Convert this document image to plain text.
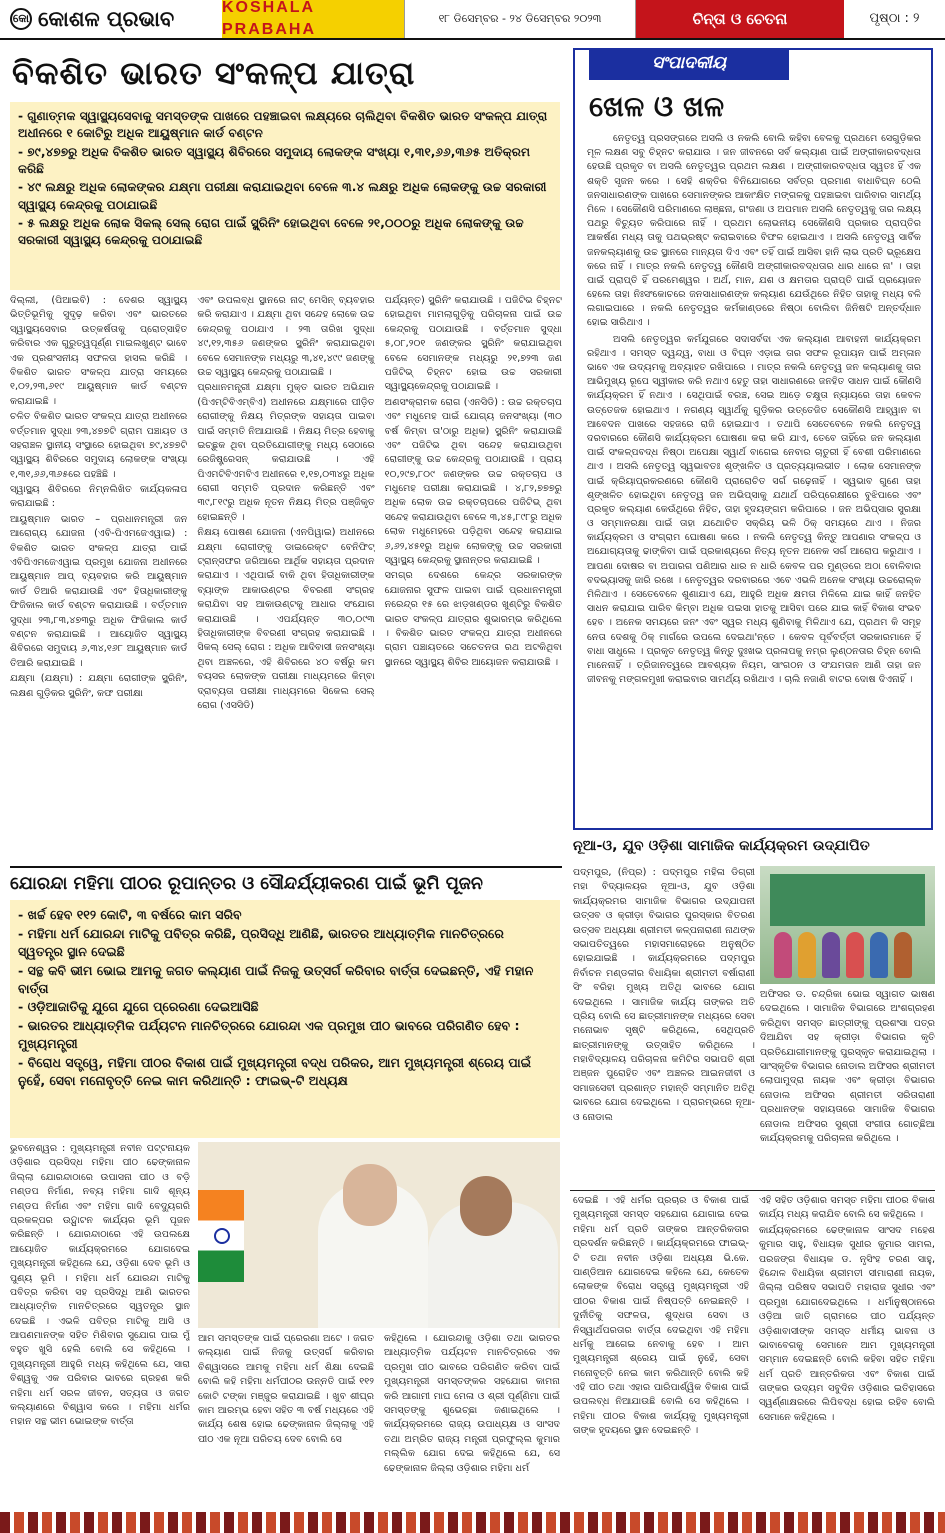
କୋ କୋଶଳ ପ୍ରଭାବ	KOSHALA PRABAHA
୧୮ ଡିସେମ୍ବର - ୨୪ ଡିସେମ୍ବର ୨୦୨୩	ଚିନ୍ତା ଓ ଚେତନା	ପୃଷ୍ଠା : ୨
ବିକଶିତ ଭାରତ ସଂକଳ୍ପ ଯାତ୍ରା
- ଗୁଣାତ୍ମକ ସ୍ୱାସ୍ଥ୍ୟସେବାକୁ ସମସ୍ତଙ୍କ ପାଖରେ ପହଞ୍ଚାଇବା ଲକ୍ଷ୍ୟରେ ଚାଲିଥିବା ବିକଶିତ ଭାରତ ସଂକଳ୍ପ ଯାତ୍ରା ଅଧୀନରେ ୧ କୋଟିରୁ ଅଧିକ ଆୟୁଷ୍ମାନ କାର୍ଡ ବଣ୍ଟନ
- ୭୯,୪୭୭ରୁ ଅଧିକ ବିକଶିତ ଭାରତ ସ୍ୱାସ୍ଥ୍ୟ ଶିବିରରେ ସମୁଦାୟ ଲୋକଙ୍କ ସଂଖ୍ୟା ୧,୩୧,୬୬,୩୬୫ ଅତିକ୍ରମ କରିଛି
- ୪୯ ଲକ୍ଷରୁ ଅଧିକ ଲୋକଙ୍କର ଯକ୍ଷ୍ମା ପରୀକ୍ଷା କରାଯାଇଥିବା ବେଳେ ୩.୪ ଲକ୍ଷରୁ ଅଧିକ ଲୋକଙ୍କୁ ଉଚ୍ଚ ସରକାରୀ ସ୍ୱାସ୍ଥ୍ୟ କେନ୍ଦ୍ରକୁ ପଠାଯାଇଛି
- ୫ ଲକ୍ଷରୁ ଅଧିକ ଲୋକ ସିକଲ୍ ସେଲ୍ ରୋଗ ପାଇଁ ସ୍କ୍ରିନିଂ ହୋଇଥିବା ବେଳେ ୨୧,୦୦୦ରୁ ଅଧିକ ଲୋକଙ୍କୁ ଉଚ୍ଚ ସରକାରୀ ସ୍ୱାସ୍ଥ୍ୟ କେନ୍ଦ୍ରକୁ ପଠାଯାଇଛି

ଦିଲ୍ଲୀ, (ପିଆଇବି) : ଦେଶର ସ୍ୱାସ୍ଥ୍ୟ ଭିତ୍ତିଭୂମିକୁ ସୁଦୃଢ଼ କରିବା ଏବଂ ଭାରତରେ ସ୍ୱାସ୍ଥ୍ୟସେବାର ଉତ୍କର୍ଷତାକୁ ପ୍ରୋତ୍ସାହିତ କରିବାର ଏକ ଗୁରୁତ୍ୱପୂର୍ଣ୍ଣ ମାଇଲଖୁଣ୍ଟ ଭାବେ ଏକ ପ୍ରଶଂସନୀୟ ସଫଳତା ହାସଲ କରିଛି । ବିକଶିତ ଭାରତ ସଂକଳ୍ପ ଯାତ୍ରା ସମୟରେ ୧,୦୨,୨୩,୬୧୯ ଆୟୁଷ୍ମାନ କାର୍ଡ ବଣ୍ଟନ କରାଯାଇଛି ।

ଚଳିତ ବିକଶିତ ଭାରତ ସଂକଳ୍ପ ଯାତ୍ରା ଅଧୀନରେ ବର୍ତ୍ତମାନ ସୁଦ୍ଧା ୨୩,୪୭୭ଟି ଗ୍ରାମ ପଞ୍ଚାୟତ ଓ ସହରାଞ୍ଚଳ ସ୍ଥାନୀୟ ସଂସ୍ଥାରେ ହୋଇଥିବା ୭୯,୪୭୭ଟି ସ୍ୱାସ୍ଥ୍ୟ ଶିବିରରେ ସମୁଦାୟ ଲୋକଙ୍କ ସଂଖ୍ୟା ୧,୩୧,୬୬,୩୬୫ରେ ପହଞ୍ଚିଛି ।

ସ୍ୱାସ୍ଥ୍ୟ ଶିବିରରେ ନିମ୍ନଲିଖିତ କାର୍ଯ୍ୟକଳାପ କରାଯାଇଛି :

ଆୟୁଷ୍ମାନ ଭାରତ – ପ୍ରଧାନମନ୍ତ୍ରୀ ଜନ ଆରୋଗ୍ୟ ଯୋଜନା (ଏବି-ପିଏମଜେଏୱାଇ) : ବିକଶିତ ଭାରତ ସଂକଳ୍ପ ଯାତ୍ରା ପାଇଁ ଏବିପିଏମଜେଏୱାଇ ପ୍ରମୁଖ ଯୋଜନା ଅଧୀନରେ ଆୟୁଷ୍ମାନ ଆପ୍ ବ୍ୟବହାର କରି ଆୟୁଷ୍ମାନ କାର୍ଡ ତିଆରି କରାଯାଉଛି ଏବଂ ହିତାଧିକାରୀଙ୍କୁ ଫିଜିକାଲ କାର୍ଡ ବଣ୍ଟନ କରାଯାଉଛି । ବର୍ତ୍ତମାନ ସୁଦ୍ଧା ୨୩,୮୩,୪୭୩ରୁ ଅଧିକ ଫିଜିକାଲ କାର୍ଡ ବଣ୍ଟନ କରାଯାଇଛି । ଆୟୋଜିତ ସ୍ୱାସ୍ଥ୍ୟ ଶିବିରରେ ସମୁଦାୟ ୬,୩୪,୧୬୮ ଆୟୁଷ୍ମାନ କାର୍ଡ ତିଆରି କରାଯାଇଛି ।

ଯକ୍ଷ୍ମା (ଯକ୍ଷ୍ମା) : ଯକ୍ଷ୍ମା ରୋଗୀଙ୍କ ସ୍କ୍ରିନିଂ, ଲକ୍ଷଣ ଗୁଡ଼ିକର ସ୍କ୍ରିନିଂ, କଫ ପରୀକ୍ଷା

ଏବଂ ଉପଲବ୍ଧ ସ୍ଥାନରେ ନାଟ୍ ମେସିନ୍ ବ୍ୟବହାର କରି କରାଯାଏ । ଯକ୍ଷ୍ମା ଥିବା ସନ୍ଦେହ ଲୋକେ ଉଚ୍ଚ କେନ୍ଦ୍ରକୁ ପଠାଯାଏ । ୨୩ ତାରିଖ ସୁଦ୍ଧା ୪୯,୧୨,୩୫୬ ଜଣଙ୍କର ସ୍କ୍ରିନିଂ କରାଯାଇଥିବା ବେଳେ ସେମାନଙ୍କ ମଧ୍ୟରୁ ୩,୪୧,୪୯୯ ଜଣଙ୍କୁ ଉଚ୍ଚ ସ୍ୱାସ୍ଥ୍ୟ କେନ୍ଦ୍ରକୁ ପଠାଯାଇଛି ।

ପ୍ରଧାନମନ୍ତ୍ରୀ ଯକ୍ଷ୍ମା ମୁକ୍ତ ଭାରତ ଅଭିଯାନ (ପିଏମ୍ଟିବିଏମ୍ବିଏ) ଅଧୀନରେ ଯକ୍ଷ୍ମାରେ ପୀଡ଼ିତ ରୋଗୀଙ୍କୁ ନିକ୍ଷୟ ମିତ୍ରଙ୍କ ସହାୟତା ପାଇବା ପାଇଁ ସମ୍ମତି ନିଆଯାଉଛି । ନିକ୍ଷୟ ମିତ୍ର ହେବାକୁ ଇଚ୍ଛୁକ ଥିବା ପ୍ରତିଯୋଗୀଙ୍କୁ ମଧ୍ୟ ସେଠାରେ ରେଜିଷ୍ଟ୍ରେସନ୍ କରାଯାଉଛି । ଏହି ପିଏମଟିବିଏମବିଏ ଅଧୀନରେ ୧,୧୭,୦୩୪ରୁ ଅଧିକ ରୋଗୀ ସମ୍ମତି ପ୍ରଦାନ କରିଛନ୍ତି ଏବଂ ୩୯,୮୧୯ରୁ ଅଧିକ ନୂତନ ନିକ୍ଷୟ ମିତ୍ର ପଞ୍ଜିକୃତ ହୋଇଛନ୍ତି ।

ନିକ୍ଷୟ ପୋଷଣ ଯୋଜନା (ଏନପିୱାଇ) ଅଧୀନରେ ଯକ୍ଷ୍ମା ରୋଗୀଙ୍କୁ ଡାଇରେକ୍ଟ ବେନିଫିଟ୍ ଟ୍ରାନ୍ସଫର ଜରିଆରେ ଆର୍ଥିକ ସହାୟତା ପ୍ରଦାନ କରାଯାଏ । ଏଥିପାଇଁ ବାକି ଥିବା ହିତାଧିକାରୀଙ୍କ ବ୍ୟାଙ୍କ ଆକାଉଣ୍ଟର ବିବରଣୀ ସଂଗ୍ରହ କରାଯିବା ସହ ଆକାଉଣ୍ଟକୁ ଆଧାର ସଂଯୋଗ କରାଯାଉଛି । ଏପର୍ଯ୍ୟନ୍ତ ୩୦,୦୯୩ ହିତାଧିକାରୀଙ୍କ ବିବରଣୀ ସଂଗ୍ରହ କରାଯାଇଛି । ସିକଲ୍ ସେଲ୍ ରୋଗ : ଅଧିକ ଆଦିବାସୀ ଜନସଂଖ୍ୟା ଥିବା ଅଞ୍ଚଳରେ, ଏହି ଶିବିରରେ ୪୦ ବର୍ଷରୁ କମ ବୟସର ଲୋକଙ୍କ ପରୀକ୍ଷା ମାଧ୍ୟମରେ କିମ୍ବା ଦ୍ରାବ୍ୟତା ପରୀକ୍ଷା ମାଧ୍ୟମରେ ସିକେଲ ସେଲ୍ ରୋଗ (ଏସସିଡି)

ପର୍ଯ୍ୟନ୍ତ) ସ୍କ୍ରିନିଂ କରାଯାଉଛି । ପଜିଟିଭ ଚିହ୍ନଟ ହୋଇଥିବା ମାମଲାଗୁଡ଼ିକୁ ପରିଚାଳନା ପାଇଁ ଉଚ୍ଚ କେନ୍ଦ୍ରକୁ ପଠାଯାଉଛି । ବର୍ତ୍ତମାନ ସୁଦ୍ଧା ୫,୦୮,୨୦୧ ଜଣଙ୍କର ସ୍କ୍ରିନିଂ କରାଯାଇଥିବା ବେଳେ ସେମାନଙ୍କ ମଧ୍ୟରୁ ୨୧,୭୨୩ ଜଣ ପଜିଟିଭ୍ ଚିହ୍ନଟ ହୋଇ ଉଚ୍ଚ ସରକାରୀ ସ୍ୱାସ୍ଥ୍ୟକେନ୍ଦ୍ରକୁ ପଠାଯାଇଛି ।

ଅଣସଂକ୍ରାମକ ରୋଗ (ଏନସିଡି) : ଉଚ୍ଚ ରକ୍ତଚାପ ଏବଂ ମଧୁମେହ ପାଇଁ ଯୋଗ୍ୟ ଜନସଂଖ୍ୟା (୩୦ ବର୍ଷ କିମ୍ବା ତା'ଠାରୁ ଅଧିକ) ସ୍କ୍ରିନିଂ କରାଯାଉଛି ଏବଂ ପଜିଟିଭ ଥିବା ସନ୍ଦେହ କରାଯାଉଥିବା ରୋଗୀଙ୍କୁ ଉଚ୍ଚ କେନ୍ଦ୍ରକୁ ପଠାଯାଉଛି । ପ୍ରାୟ ୧୦,୨୯୭,୮୦୯ ଜଣଙ୍କର ଉଚ୍ଚ ରକ୍ତଚାପ ଓ ମଧୁମେହ ପରୀକ୍ଷା କରାଯାଇଛି । ୪,୮୨,୭୭୭ରୁ ଅଧିକ ଲୋକ ଉଚ୍ଚ ରକ୍ତଚାପରେ ପଜିଟିଭ୍ ଥିବା ସନ୍ଦେହ କରାଯାଉଥିବା ବେଳେ ୩,୪୫,୮୯୮ରୁ ଅଧିକ ଲୋକ ମଧୁମେହରେ ପଡ଼ିଥିବା ସନ୍ଦେହ କରାଯାଇ ୬,୬୨,୪୫୧ରୁ ଅଧିକ ଲୋକଙ୍କୁ ଉଚ୍ଚ ସରକାରୀ ସ୍ୱାସ୍ଥ୍ୟ କେନ୍ଦ୍ରକୁ ସ୍ଥାନାନ୍ତର କରାଯାଇଛି ।

ସମଗ୍ର ଦେଶରେ କେନ୍ଦ୍ର ସରକାରଙ୍କ ଯୋଜନାର ସୁଫଳ ପାଇବା ପାଇଁ ପ୍ରଧାନମନ୍ତ୍ରୀ ନରେନ୍ଦ୍ର ୧୫ ରେ ଝାଡ଼ଖଣ୍ଡର ଖୁଣ୍ଟିରୁ ବିକଶିତ ଭାରତ ସଂକଳ୍ପ ଯାତ୍ରାର ଶୁଭାରମ୍ଭ କରିଥିଲେ । ବିକଶିତ ଭାରତ ସଂକଳ୍ପ ଯାତ୍ରା ଅଧୀନରେ ଗ୍ରାମ ପଞ୍ଚାୟତରେ ସଚେତନତା ରଥ ଅଟକିଥିବା ସ୍ଥାନରେ ସ୍ୱାସ୍ଥ୍ୟ ଶିବିର ଆୟୋଜନ କରାଯାଉଛି ।

ସଂପାଦକୀୟ
ଖେଳ ଓ ଖଳ

ନେତୃତ୍ୱ ପ୍ରସଙ୍ଗରେ ଅସଲି ଓ ନକଲି ବୋଲି କହିବା ବେଳକୁ ପ୍ରଥମେ ସେଗୁଡ଼ିକର ମୂଳ ଲକ୍ଷଣ ସବୁ ଚିହ୍ନଟ କରାଯାଉ । ଜନ ଜୀବନରେ ସର୍ବ କଲ୍ୟାଣ ପାଇଁ ଅଙ୍ଗୀକାରବଦ୍ଧତା ହେଉଛି ପ୍ରକୃତ ବା ଅସଲି ନେତୃତ୍ୱର ପ୍ରଥମ ଲକ୍ଷଣ । ଅଙ୍ଗୀକାରବଦ୍ଧତା ସ୍ୱତଃ ହିଁ ଏକ ଶକ୍ତି ସୃଜନ କରେ । ସେହି ଶକ୍ତିର ବିନିଯୋଗରେ ସର୍ବତ୍ର ପ୍ରମାଣ ବାଧାବିଘ୍ନ ଠେଲି ଜନସାଧାରଣଙ୍କ ପାଖରେ ସେମାନଙ୍କର ଆକାଂକ୍ଷିତ ମଙ୍ଗଳକୁ ପହଞ୍ଚାଇବା ପାରିବାର ସାମର୍ଥ୍ୟ ମିଳେ । ସେକୌଣସି ପରିମାଣରେ ଲାଞ୍ଛନା, ଗଂଜଣା ଓ ଅପମାନ ଅସଲି ନେତୃତ୍ୱକୁ ତାର ଲକ୍ଷ୍ୟ ପଥରୁ ବିଚ୍ୟୁତ କରିପାରେ ନାହିଁ । ପ୍ରଥମ ଲୋଭନୀୟ ସେକୌଣସି ପ୍ରକାର ପ୍ରାପ୍ତିର ଆକର୍ଷଣ ମଧ୍ୟ ତାକୁ ପଥଭ୍ରଷ୍ଟ କରାଇବାରେ ବିଫଳ ହୋଇଥାଏ । ଅସଲି ନେତୃତ୍ୱ ସାର୍ବିକ ଜନକଲ୍ୟାଣକୁ ଉଚ୍ଚ ସ୍ଥାନରେ ମାନ୍ୟତା ଦିଏ ଏବଂ ତହିଁ ପାଇଁ ଆସିବା ହାନି ଲାଭ ପ୍ରତି ଭ୍ରୂକ୍ଷେପ କରେ ନାହିଁ । ମାତ୍ର ନକଲି ନେତୃତ୍ୱ କୌଣସି ଅଙ୍ଗୀକାରବଦ୍ଧତାର ଧାର ଧାରେ ନା' । ତାହା ପାଇଁ ପ୍ରାପ୍ତି ହିଁ ପରମେଶ୍ୱର । ଅର୍ଥ, ମାନ, ଯଶ ଓ କ୍ଷମତାର ପ୍ରାପ୍ତି ପାଇଁ ପ୍ରୟୋଜନ ହେଲେ ତାହା ନିଃସଂକୋଚରେ ଜନସାଧାରଣଙ୍କ କଲ୍ୟାଣ ଯେଉଁଥିରେ ନିହିତ ତାହାକୁ ମଧ୍ୟ ବଳି ଲଗାଇପାରେ । ନକଲି ନେତୃତ୍ୱର କର୍ମକାଣ୍ଡରେ ନିଷ୍ଠା ବୋଲିବା ଜିନିଷଟି ଅନ୍ତର୍ଦ୍ଧାନ ହୋଇ ସାରିଥାଏ ।

ଅସଲି ନେତୃତ୍ୱର କର୍ମଯୁଗରେ ସଦାସର୍ବଦା ଏକ କଲ୍ୟାଣ ଆବାହନୀ କାର୍ଯ୍ୟକ୍ରମ ରହିଥାଏ । ସମସ୍ତ ଦ୍ୱନ୍ଦ୍ୱ, ବାଧା ଓ ବିଘ୍ନ ଏଡ଼ାଇ ତାର ସଫଳ ରୂପାୟନ ପାଇଁ ଅମ୍ଳାନ ଭାବେ ଏକ ଉଦ୍ୟମକୁ ଅବ୍ୟାହତ ରଖିପାରେ । ମାତ୍ର ନକଲି ନେତୃତ୍ୱ ଜନ କଲ୍ୟାଣକୁ ତାର ଆଭିମୁଖ୍ୟ ରୂପେ ସ୍ୱୀକାର କରି ନଥାଏ ହେତୁ ତାହା ସାଧାରଣରେ ଜନହିତ ସାଧନ ପାଇଁ କୌଣସି କାର୍ଯ୍ୟକ୍ରମ ହିଁ ନଥାଏ । ସେଥିପାଇଁ ବରଞ୍ଚ, ସେଇ ଆଡ଼େ ଚକ୍ଷୁତା ନ୍ୟାୟରେ ତାହା କେବଳ ଉତ୍ତେଜକ ହୋଇଥାଏ । ନଗଣ୍ୟ ସ୍ୱାର୍ଥକୁ ଗୁଡ଼ିକର ଉତ୍ତେଜିତ ସେକୌଣସି ଆହ୍ୱାନ ବା ଆବେଦନ ପାଖରେ ସହଜରେ ରାଜି ହୋଇଯାଏ । ତଥାପି ସେତେବେଳେ ନକଲି ନେତୃତ୍ୱ ଦରବାରରେ କୌଣସି କାର୍ଯ୍ୟକ୍ରମ ଘୋଷଣା କରା କରି ଯାଏ, ତେବେ ତାହିଁରେ ଜନ କଲ୍ୟାଣ ପାଇଁ ସଂକଳ୍ପବଦ୍ଧ ନିଷ୍ଠା ଅପେକ୍ଷା ସ୍ୱାର୍ଥ ବାଗେଇ ନେବାର ଚାତୁରୀ ହିଁ ବେଶୀ ପରିମାଣରେ ଥାଏ । ଅସଲି ନେତୃତ୍ୱ ସ୍ୱଭାବତଃ ଶୃଙ୍ଖଳିତ ଓ ପ୍ରତ୍ୟୟାଲଭୀତ । ଲୋକ ସେମାନଙ୍କ ପାଇଁ କ୍ରିୟାପ୍ରକରଣରେ କୌଣସି ପ୍ରାରୋଚିତ ସର୍ଗ ଗଢ଼େନାହିଁ । ସ୍ୱଭାବ ଗୁଣେ ତାହା ଶୃଙ୍ଖଳିତ ହୋଇଥିବା ନେତୃତ୍ୱ ଜନ ଅଭିପ୍ସାକୁ ଯଥାର୍ଥ ପରିପ୍ରେକ୍ଷୀରେ ବୁଝିପାରେ ଏବଂ ପ୍ରକୃତ କଲ୍ୟାଣ କେଉଁଥିରେ ନିହିତ, ତାହା ହୃଦୟଙ୍ଗମ କରିପାରେ । ଜନ ଅଭିପ୍ସାର ସୁରକ୍ଷା ଓ ସମ୍ମାନରକ୍ଷା ପାଇଁ ତାହା ଯଥୋଚିତ ସକ୍ରିୟ ଭଳି ଠିକ୍ ସମୟରେ ଥାଏ । ନିଜର କାର୍ଯ୍ୟକ୍ରମ ଓ ସଂଗ୍ରାମ ଘୋଷଣା କରେ । ନକଲି ନେତୃତ୍ୱ କିନ୍ତୁ ଆପଣାର ସଂକଳ୍ପ ଓ ଅଯୋଗ୍ୟତାକୁ ଢାଙ୍କିବା ପାଇଁ ପ୍ରକାଶ୍ୟରେ ନିତ୍ୟ ନୂତନ ଅନେକ ସର୍ଗ ଆରୋପ କରୁଥାଏ । ଆପଣା ଦୋଷର ବା ଅପାରଗ ପଣିଆର ଧାର ନ ଧାରି କେବଳ ପର ମୁଣ୍ଡରେ ଅଠା ବୋଳିବାର ବଦଭ୍ୟାସକୁ ଜାରି ରଖେ । ନେତୃତ୍ୱର ଦରବାରରେ ଏବେ ଏଭଳି ଅନେକ ସଂଖ୍ୟା ଉଚ୍ଚରୋଲ୍କ ମିଳିଥାଏ । ସେତେବେଳେ ଶୁଣାଯାଏ ଯେ, ଆହୁରି ଅଧିକ କ୍ଷମତା ମିଳିଲେ ଯାଇ କାହିଁ ଜନହିତ ସାଧନ କରାଯାଇ ପାରିବ କିମ୍ବା ଅଧିକ ପଇସା ହାତକୁ ଆସିବା ପରେ ଯାଇ କାହିଁ ବିକାଶ ସଂଭବ ହେବ । ଅନେକ ସମୟରେ ଜନଂ ଏବଂ ସ୍ୱର ମଧ୍ୟ ଶୁଣିବାକୁ ମିଳିଥାଏ ଯେ, ପ୍ରଥମ କି ସମୂହ ନେତା ଦେଶକୁ ଠିକ୍ ମାର୍ଗରେ ଉପଲେ ଦେଇଥା'ନ୍ତେ । କେବଳ ପୂର୍ବବର୍ତ୍ତୀ ସରକାରମାନେ ହିଁ ବାଧା ସାଧୁଲେ । ପ୍ରକୃତ ନେତୃତ୍ୱ କିନ୍ତୁ ଦୁଃଖଭ ପ୍ରଳାପକୁ ନମ୍ର ଲୁଣ୍ଠନତାର ଚିହ୍ନ ବୋଲି ମାନେନାହିଁ । ତ୍ରିଜାନତ୍ୱରେ ଆବଶ୍ୟକ ନିୟମ, ସାଂଗଠନ ଓ ସଂଯମତାନ ଆଣି ତାହା ଜନ ଜୀବନକୁ ମଙ୍ଗଳମୁଖୀ କରାଇବାର ସାମର୍ଥ୍ୟ ରଖିଥାଏ । ଚାଲି ନଜାଣି ବାଟର ଦୋଷ ଦିଏନାହିଁ ।

ଯୋରନ୍ଦା ମହିମା ପୀଠର ରୂପାନ୍ତର ଓ ସୌନ୍ଦର୍ଯ୍ୟୀକରଣ ପାଇଁ ଭୂମି ପୂଜନ
- ଖର୍ଚ୍ଚ ହେବ ୧୧୨ କୋଟି, ୩ ବର୍ଷରେ କାମ ସରିବ
- ମହିମା ଧର୍ମ ଯୋରନ୍ଦା ମାଟିକୁ ପବିତ୍ର କରିଛି, ପ୍ରସିଦ୍ଧି ଆଣିଛି, ଭାରତର ଆଧ୍ୟାତ୍ମିକ ମାନଚିତ୍ରରେ ସ୍ୱତନ୍ତ୍ର ସ୍ଥାନ ଦେଇଛି
- ସନ୍ଥ କବି ଭୀମ ଭୋଇ ଆମକୁ ଜଗତ କଲ୍ୟାଣ ପାଇଁ ନିଜକୁ ଉତ୍ସର୍ଗ କରିବାର ବାର୍ତ୍ତା ଦେଇଛନ୍ତି, ଏହି ମହାନ ବାର୍ତ୍ତା
- ଓଡ଼ିଆଜାତିକୁ ଯୁଗେ ଯୁଗେ ପ୍ରେରଣା ଦେଇଆସିଛି
- ଭାରତର ଆଧ୍ୟାତ୍ମିକ ପର୍ଯ୍ୟଟନ ମାନଚିତ୍ରରେ ଯୋରନ୍ଦା ଏକ ପ୍ରମୁଖ ପୀଠ ଭାବରେ ପରିଗଣିତ ହେବ : ମୁଖ୍ୟମନ୍ତ୍ରୀ
- ବିରୋଧ ସତ୍ତ୍ୱେ, ମହିମା ପୀଠର ବିକାଶ ପାଇଁ ମୁଖ୍ୟମନ୍ତ୍ରୀ ବଦ୍ଧ ପରିକର, ଆମ ମୁଖ୍ୟମନ୍ତ୍ରୀ ଶ୍ରେୟ ପାଇଁ ନୁହେଁ, ସେବା ମନୋବୃତ୍ତି ନେଇ କାମ କରିଥାନ୍ତି : ଫାଇଭ୍-ଟି ଅଧ୍ୟକ୍ଷ

ଭୁବନେଶ୍ୱର : ମୁଖ୍ୟମନ୍ତ୍ରୀ ନବୀନ ପଟ୍ଟନାୟକ ଓଡ଼ିଶାର ପ୍ରସିଦ୍ଧ ମହିମା ପୀଠ ଢେଙ୍କାନାଳ ଜିଲ୍ଲା ଯୋରନ୍ଦାଠାରେ ଉପାସନା ପୀଠ ଓ ବଡ଼ି ମଣ୍ଡପ ନିର୍ମାଣ, ନବ୍ୟ ମହିମା ଗାଦି ଶୂନ୍ୟ ମଣ୍ଡପ ନିର୍ମାଣ ଏବଂ ମହିମା ଗାଦି ବେଦ୍ୟୁଗରି ପ୍ରକଳ୍ପର ଉଦ୍ଘାଟନ କାର୍ଯ୍ୟର ଭୂମି ପୂଜନ କରିଛନ୍ତି । ଯୋରନ୍ଦାଠାରେ ଏହି ଉପଲକ୍ଷେ ଆୟୋଜିତ କାର୍ଯ୍ୟକ୍ରମରେ ଯୋଗଦେଇ ମୁଖ୍ୟମନ୍ତ୍ରୀ କହିଥିଲେ ଯେ, ଓଡ଼ିଶା ଦେବ ଭୂମି ଓ ପୁଣ୍ୟ ଭୂମି । ମହିମା ଧର୍ମ ଯୋରନ୍ଦା ମାଟିକୁ ପବିତ୍ର କରିବା ସହ ପ୍ରସିଦ୍ଧି ଆଣି ଭାରତର ଆଧ୍ୟାତ୍ମିକ ମାନଚିତ୍ରରେ ସ୍ୱତନ୍ତ୍ର ସ୍ଥାନ ଦେଇଛି । ଏଭଳି ପବିତ୍ର ମାଟିକୁ ଆସି ଓ ଆପଣମାନଙ୍କ ସହିତ ମିଶିବାର ସୁଯୋଗ ପାଇ ମୁଁ ବହୁତ ଖୁସି ହେଲି ବୋଲି ସେ କହିଥିଲେ । ମୁଖ୍ୟମନ୍ତ୍ରୀ ଆହୁରି ମଧ୍ୟ କହିଥିଲେ ଯେ, ସାରା ବିଶ୍ୱକୁ ଏକ ପରିବାର ଭାବରେ ଗ୍ରହଣ କରି ମହିମା ଧର୍ମ ସରଳ ଜୀବନ, ସତ୍ୟତା ଓ ଜଗତ କଲ୍ୟାଣରେ ବିଶ୍ୱାସ କରେ । ମହିମା ଧର୍ମର ମହାନ ସନ୍ଥ ଭୀମ ଭୋଇଙ୍କ ବାର୍ତ୍ତା

ଆମ ସମସ୍ତଙ୍କ ପାଇଁ ପ୍ରେରଣା ଅଟେ । ଜଗତ କଲ୍ୟାଣ ପାଇଁ ନିଜକୁ ଉତ୍ସର୍ଗ କରିବାର ବିଶ୍ୱାସରେ ଆମକୁ ମହିମା ଧର୍ମ ଶିକ୍ଷା ଦେଇଛି ବୋଲି କହି ମହିମା ଧର୍ମପୀଠର ଉନ୍ନତି ପାଇଁ ୧୧୨ କୋଟି ଟଙ୍କା ମଞ୍ଜୁର କରାଯାଇଛି । ଖୁବ ଶୀଘ୍ର କାମ ଆରମ୍ଭ ହେବା ସହିତ ୩ ବର୍ଷ ମଧ୍ୟରେ ଏହି କାର୍ଯ୍ୟ ଶେଷ ହୋଇ ଢେଙ୍କାନାଳ ଜିଲ୍ଲାକୁ ଏହି ପୀଠ ଏକ ନୂଆ ପରିଚୟ ଦେବ ବୋଲି ସେ

କହିଥିଲେ । ଯୋରନ୍ଦାକୁ ଓଡ଼ିଶା ତଥା ଭାରତର ଆଧ୍ୟାତ୍ମିକ ପର୍ଯ୍ୟଟନ ମାନଚିତ୍ରରେ ଏକ ପ୍ରମୁଖ ପୀଠ ଭାବରେ ପରିଗଣିତ କରିବା ପାଇଁ ମୁଖ୍ୟମନ୍ତ୍ରୀ ସମସ୍ତଙ୍କର ସହଯୋଗ କାମନା କରି ଆଗାମୀ ମାଘ ମେଳା ଓ ଶ୍ରୀ ପୂର୍ଣ୍ଣିମା ପାଇଁ ସମସ୍ତଙ୍କୁ ଶୁଭେଚ୍ଛା ଜଣାଇଥିଲେ । କାର୍ଯ୍ୟକ୍ରମରେ ରାଜ୍ୟ ଉପାଧ୍ୟକ୍ଷ ଓ ସାଂସଦ ତଥା ଅମ୍ରିତ ରାଜ୍ୟ ମନ୍ତ୍ରୀ ପ୍ରଫୁଲ୍ଲ କୁମାର ମଲ୍ଲିକ ଯୋଗ ଦେଇ କହିଥିଲେ ଯେ, ସେ ଢେଙ୍କାନାଳ ଜିଲ୍ଲା ଓଡ଼ିଶାର ମହିମା ଧର୍ମ

ନୂଆ-ଓ, ଯୁବ ଓଡ଼ିଶା ସାମାଜିକ କାର୍ଯ୍ୟକ୍ରମ ଉଦ୍ଯାପିତ

ପଦ୍ମପୁର, (ନିପ୍ର) : ପଦ୍ମପୁର ମହିଳା ଡିଗ୍ରୀ ମହା ବିଦ୍ୟାଳୟର ନୂଆ-ଓ, ଯୁବ ଓଡ଼ିଶା କାର୍ଯ୍ୟକ୍ରମର ସାମାଜିକ ବିଭାଗର ଉଦ୍ଯାପନୀ ଉତ୍ସବ ଓ କ୍ରୀଡ଼ା ବିଭାଗର ପୁରସ୍କାର ବିତରଣ ଉତ୍ସବ ଅଧ୍ୟକ୍ଷା ଶ୍ରୀମତୀ କଳ୍ପନାରାଣୀ ନାଥଙ୍କ ସଭାପତିତ୍ୱରେ ମହାସମାରୋହରେ ଅନୁଷ୍ଠିତ ହୋଇଯାଇଛି । କାର୍ଯ୍ୟକ୍ରମରେ ପଦ୍ମପୁର ନିର୍ବାଚନ ମଣ୍ଡଳୀର ବିଧାୟିକା ଶ୍ରୀମତୀ ବର୍ଷାରାଣୀ ସିଂ ବରିହା ମୁଖ୍ୟ ଅତିଥି ଭାବରେ ଯୋଗ ଦେଇଥିଲେ । ସାମାଜିକ କାର୍ଯ୍ୟ ତାଙ୍କର ଅତି ପ୍ରିୟ ବୋଲି ସେ ଛାତ୍ରୀମାନଙ୍କ ମଧ୍ୟରେ ସେବା ମନୋଭାବ ସୃଷ୍ଟି କରିଥିଲେ, ସେଥିପ୍ରତି ଛାତ୍ରୀମାନଙ୍କୁ ଉତ୍ସାହିତ କରିଥିଲେ । ମହାବିଦ୍ୟାଳୟ ପରିଚାଳନା କମିଟିର ସଭାପତି ଶ୍ରୀ ଅଞ୍ଜନ ପୁରୋହିତ ଏବଂ ଅଞ୍ଚଳର ଆଇନଜୀବୀ ଓ ସମାଜସେବୀ ପ୍ରଶାନ୍ତ ମହାନ୍ତି ସମ୍ମାନିତ ଅତିଥି ଭାବରେ ଯୋଗ ଦେଇଥିଲେ । ପ୍ରାରମ୍ଭରେ ନୂଆ-ଓ ନୋଡାଲ

ଅଫିସର ଡ. ଚନ୍ଦ୍ରିକା ଭୋଇ ସ୍ୱାଗତ ଭାଷଣ ଦେଇଥିଲେ । ସାମାଜିକ ବିଭାଗରେ ଅଂଶଗ୍ରହଣ କରିଥିବା ସମସ୍ତ ଛାତ୍ରୀଙ୍କୁ ପ୍ରଶଂସା ପତ୍ର ଦିଆଯିବା ସହ କ୍ରୀଡ଼ା ବିଭାଗର କୃତି ପ୍ରତିଯୋଗୀମାନଙ୍କୁ ପୁରସ୍କୃତ କରାଯାଇଥିଲା । ସାଂସ୍କୃତିକ ବିଭାଗର ନୋଡାଲ ଅଫିସର ଶ୍ରୀମତୀ ଲୋପାମୁଦ୍ରା ନାୟକ ଏବଂ କ୍ରୀଡ଼ା ବିଭାଗର ନୋଡାଲ ଅଫିସର ଶ୍ରୀମତୀ ସରିତାରାଣୀ ପ୍ରଧାନଙ୍କ ସହାୟତାରେ ସାମାଜିକ ବିଭାଗର ନୋଡାଲ ଅଫିସର ସୁଶ୍ରୀ ସଂଗୀତା ଗୋଚ୍ଛିଆ କାର୍ଯ୍ୟକ୍ରମକୁ ପରିଚାଳନା କରିଥିଲେ ।

ଦେଇଛି । ଏହି ଧର୍ମର ପ୍ରଚାର ଓ ବିକାଶ ପାଇଁ ମୁଖ୍ୟମନ୍ତ୍ରୀ ସମସ୍ତ ସହଯୋଗ ଯୋଗାଇ ଦେଇ ମହିମା ଧର୍ମ ପ୍ରତି ତାଙ୍କର ଆନ୍ତରିକତାର ପ୍ରଦର୍ଶନ କରିଛନ୍ତି । କାର୍ଯ୍ୟକ୍ରମରେ ଫାଇଭ୍-ଟି ତଥା ନବୀନ ଓଡ଼ିଶା ଅଧ୍ୟକ୍ଷ ଭି.କେ. ପାଣ୍ଡିଆନ ଯୋଗଦେଇ କହିଲେ ଯେ, କେତେକ ଲୋକଙ୍କ ବିରୋଧ ସତ୍ତ୍ୱେ ମୁଖ୍ୟମନ୍ତ୍ରୀ ଏହି ପୀଠର ବିକାଶ ପାଇଁ ନିଷ୍ପତ୍ତି ନେଇଛନ୍ତି । ଦୁର୍ନୀତିକୁ ସଫଳତା, ଶୁଦ୍ଧତା ସେବା ଓ ନିସ୍ୱାର୍ଥପରତାର ବାର୍ତ୍ତା ଦେଇଥିବା ଏହି ମହିମା ଧର୍ମକୁ ଆଗେଇ ନେବାକୁ ହେବ । ଆମ ମୁଖ୍ୟମନ୍ତ୍ରୀ ଶ୍ରେୟ ପାଇଁ ନୁହେଁ, ସେବା ମନୋବୃତ୍ତି ନେଇ କାମ କରିଥାନ୍ତି ବୋଲି କହି ଏହି ପୀଠ ତଥା ଏହାର ପାରିପାର୍ଶ୍ୱିକ ବିକାଶ ପାଇଁ ଉପଲବ୍ଧ ନିଆଯାଉଛି ବୋଲି ସେ କହିଥିଲେ । ମହିମା ପୀଠର ବିକାଶ କାର୍ଯ୍ୟକୁ ମୁଖ୍ୟମନ୍ତ୍ରୀ ତାଙ୍କ ହୃଦୟରେ ସ୍ଥାନ ଦେଇଛନ୍ତି ।

ଏହି ସହିତ ଓଡ଼ିଶାର ସମସ୍ତ ମହିମା ପୀଠର ବିକାଶ କାର୍ଯ୍ୟ ମଧ୍ୟ କରାଯିବ ବୋଲି ସେ କହିଥିଲେ ।

କାର୍ଯ୍ୟକ୍ରମରେ ଢେଙ୍କାନାଳ ସାଂସଦ ମହେଶ କୁମାର ସାହୁ, ବିଧାୟକ ସୁଧୀର କୁମାର ସାମଲ, ପରଜଙ୍ଗ ବିଧାୟକ ଡ. ନୃସିଂହ ଚରଣ ସାହୁ, ହିନ୍ଦୋଳ ବିଧାୟିକା ଶ୍ରୀମତୀ ସୀମାରାଣୀ ନାୟକ, ଜିଲ୍ଲା ପରିଷଦ ସଭାପତି ମହାରାଜ ସୁଧୀର ଏବଂ ପ୍ରମୁଖ ଯୋଗଦେଇଥିଲେ । ଧର୍ମାନୁଷ୍ଠାନରେ ଓଡ଼ିଆ ଜାତି ଗ୍ରାମରେ ପୀଠ ପର୍ଯ୍ୟନ୍ତ ଓଡ଼ିଶାବାସୀଙ୍କ ସମସ୍ତ ଧର୍ମୀୟ ଭାବନା ଓ ଭାବାବେଗକୁ ସେମାନେ ଆମ ମୁଖ୍ୟମନ୍ତ୍ରୀ ସମ୍ମାନ ଦେଇଛନ୍ତି ବୋଲି କହିବା ସହିତ ମହିମା ଧର୍ମ ପ୍ରତି ଆନ୍ତରିକତା ଏବଂ ବିକାଶ ପାଇଁ ତାଙ୍କର ଉଦ୍ୟମ ସବୁଦିନ ଓଡ଼ିଶାର ଇତିହାସରେ ସ୍ୱର୍ଣ୍ଣାକ୍ଷରରେ ଲିପିବଦ୍ଧ ହୋଇ ରହିବ ବୋଲି ସେମାନେ କହିଥିଲେ ।
